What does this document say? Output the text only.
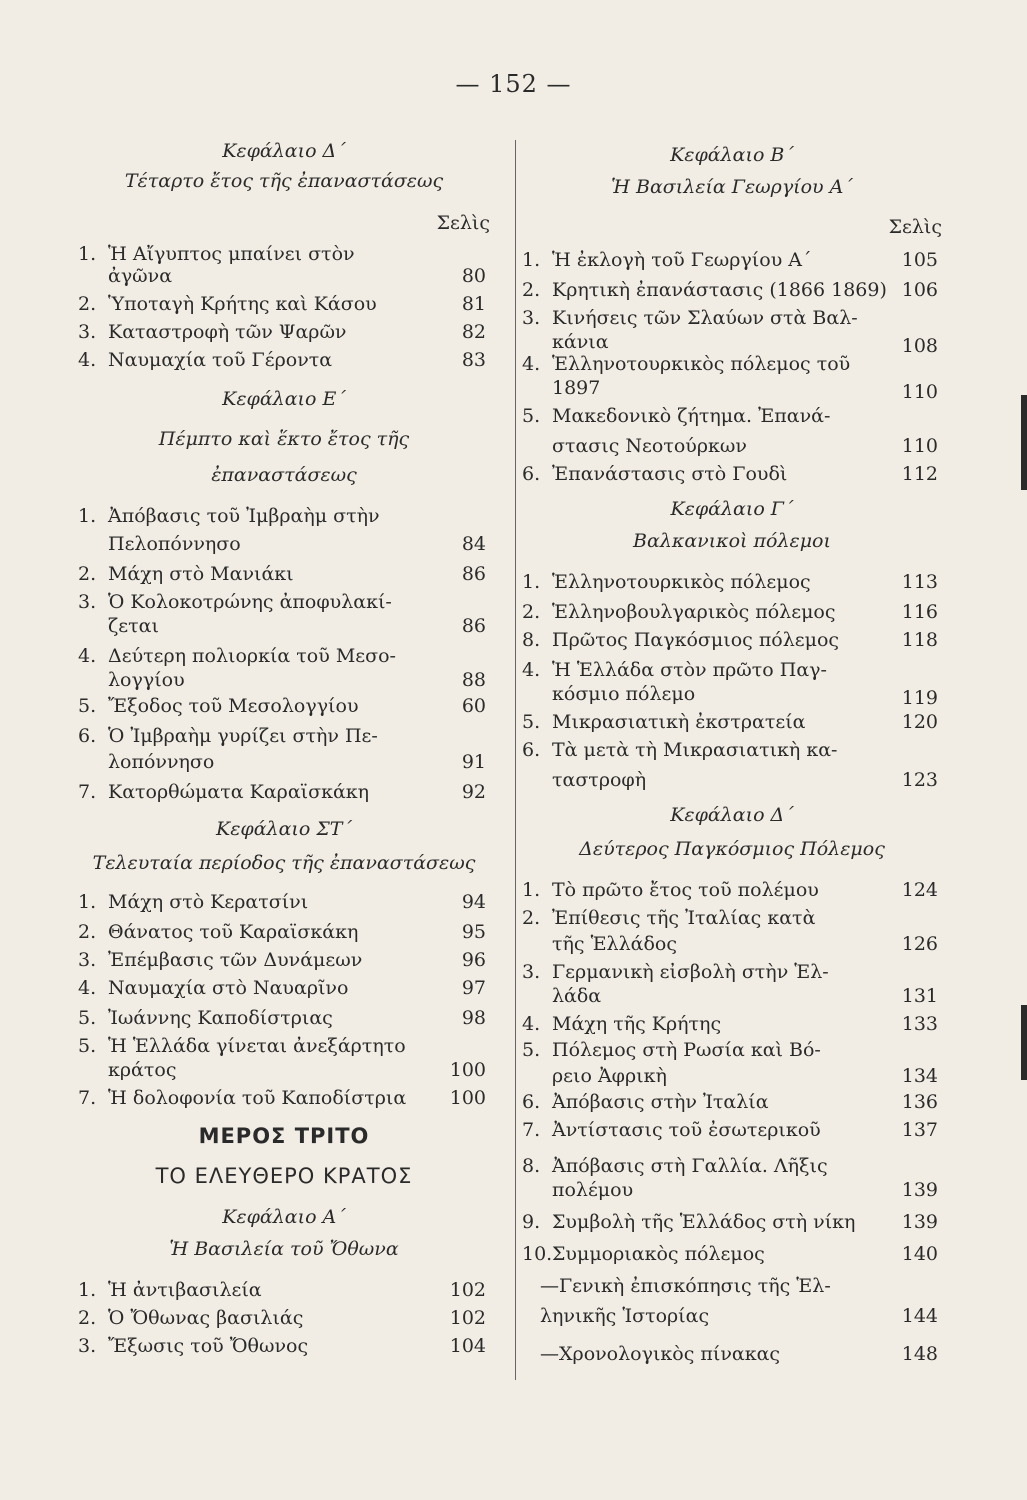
— 152 —
Κεφάλαιο Δ΄
Τέταρτο ἔτος τῆς ἐπαναστάσεως
Σελὶς
1. Ἡ Αἴγυπτος μπαίνει στὸν
ἀγῶνα	80
2. Ὑποταγὴ Κρήτης καὶ Κάσου	81
3. Καταστροφὴ τῶν Ψαρῶν	82
4. Ναυμαχία τοῦ Γέροντα	83
Κεφάλαιο Ε΄
Πέμπτο καὶ ἕκτο ἔτος τῆς
ἐπαναστάσεως
1. Ἀπόβασις τοῦ Ἰμβραὴμ στὴν
Πελοπόννησο	84
2. Μάχη στὸ Μανιάκι	86
3. Ὁ Κολοκοτρώνης ἀποφυλακί-
ζεται	86
4. Δεύτερη πολιορκία τοῦ Μεσο-
λογγίου	88
5. Ἔξοδος τοῦ Μεσολογγίου	60
6. Ὁ Ἰμβραὴμ γυρίζει στὴν Πε-
λοπόννησο	91
7. Κατορθώματα Καραϊσκάκη	92
Κεφάλαιο ΣΤ΄
Τελευταία περίοδος τῆς ἐπαναστάσεως
1. Μάχη στὸ Κερατσίνι	94
2. Θάνατος τοῦ Καραϊσκάκη	95
3. Ἐπέμβασις τῶν Δυνάμεων	96
4. Ναυμαχία στὸ Ναυαρῖνο	97
5. Ἰωάννης Καποδίστριας	98
5. Ἡ Ἑλλάδα γίνεται ἀνεξάρτητο
κράτος	100
7. Ἡ δολοφονία τοῦ Καποδίστρια 100
ΜΕΡΟΣ ΤΡΙΤΟ
ΤΟ ΕΛΕΥΘΕΡΟ ΚΡΑΤΟΣ
Κεφάλαιο Α΄
Ἡ Βασιλεία τοῦ Ὄθωνα
1. Ἡ ἀντιβασιλεία	102
2. Ὁ Ὄθωνας βασιλιάς	102
3. Ἔξωσις τοῦ Ὄθωνος	104
Κεφάλαιο Β΄
Ἡ Βασιλεία Γεωργίου Α΄
Σελὶς
1. Ἡ ἐκλογὴ τοῦ Γεωργίου Α΄	105
2. Κρητικὴ ἐπανάστασις (1866 1869) 106
3. Κινήσεις τῶν Σλαύων στὰ Βαλ-
κάνια	108
4. Ἑλληνοτουρκικὸς πόλεμος τοῦ
1897	110
5. Μακεδονικὸ ζήτημα. Ἐπανά-
στασις Νεοτούρκων	110
6. Ἐπανάστασις στὸ Γουδὶ	112
Κεφάλαιο Γ΄
Βαλκανικοὶ πόλεμοι
1. Ἑλληνοτουρκικὸς πόλεμος	113
2. Ἑλληνοβουλγαρικὸς πόλεμος	116
8. Πρῶτος Παγκόσμιος πόλεμος	118
4. Ἡ Ἑλλάδα στὸν πρῶτο Παγ-
κόσμιο πόλεμο	119
5. Μικρασιατικὴ ἐκστρατεία	120
6. Τὰ μετὰ τὴ Μικρασιατικὴ κα-
ταστροφὴ	123
Κεφάλαιο Δ΄
Δεύτερος Παγκόσμιος Πόλεμος
1. Τὸ πρῶτο ἔτος τοῦ πολέμου	124
2. Ἐπίθεσις τῆς Ἰταλίας κατὰ
τῆς Ἑλλάδος	126
3. Γερμανικὴ εἰσβολὴ στὴν Ἑλ-
λάδα	131
4. Μάχη τῆς Κρήτης	133
5. Πόλεμος στὴ Ρωσία καὶ Βό-
ρειο Ἀφρικὴ	134
6. Ἀπόβασις στὴν Ἰταλία	136
7. Ἀντίστασις τοῦ ἐσωτερικοῦ	137
8. Ἀπόβασις στὴ Γαλλία. Λῆξις
πολέμου	139
9. Συμβολὴ τῆς Ἑλλάδος στὴ νίκη 139
10. Συμμοριακὸς πόλεμος	140
—Γενικὴ ἐπισκόπησις τῆς Ἑλ-
ληνικῆς Ἱστορίας	144
—Χρονολογικὸς πίνακας	148
